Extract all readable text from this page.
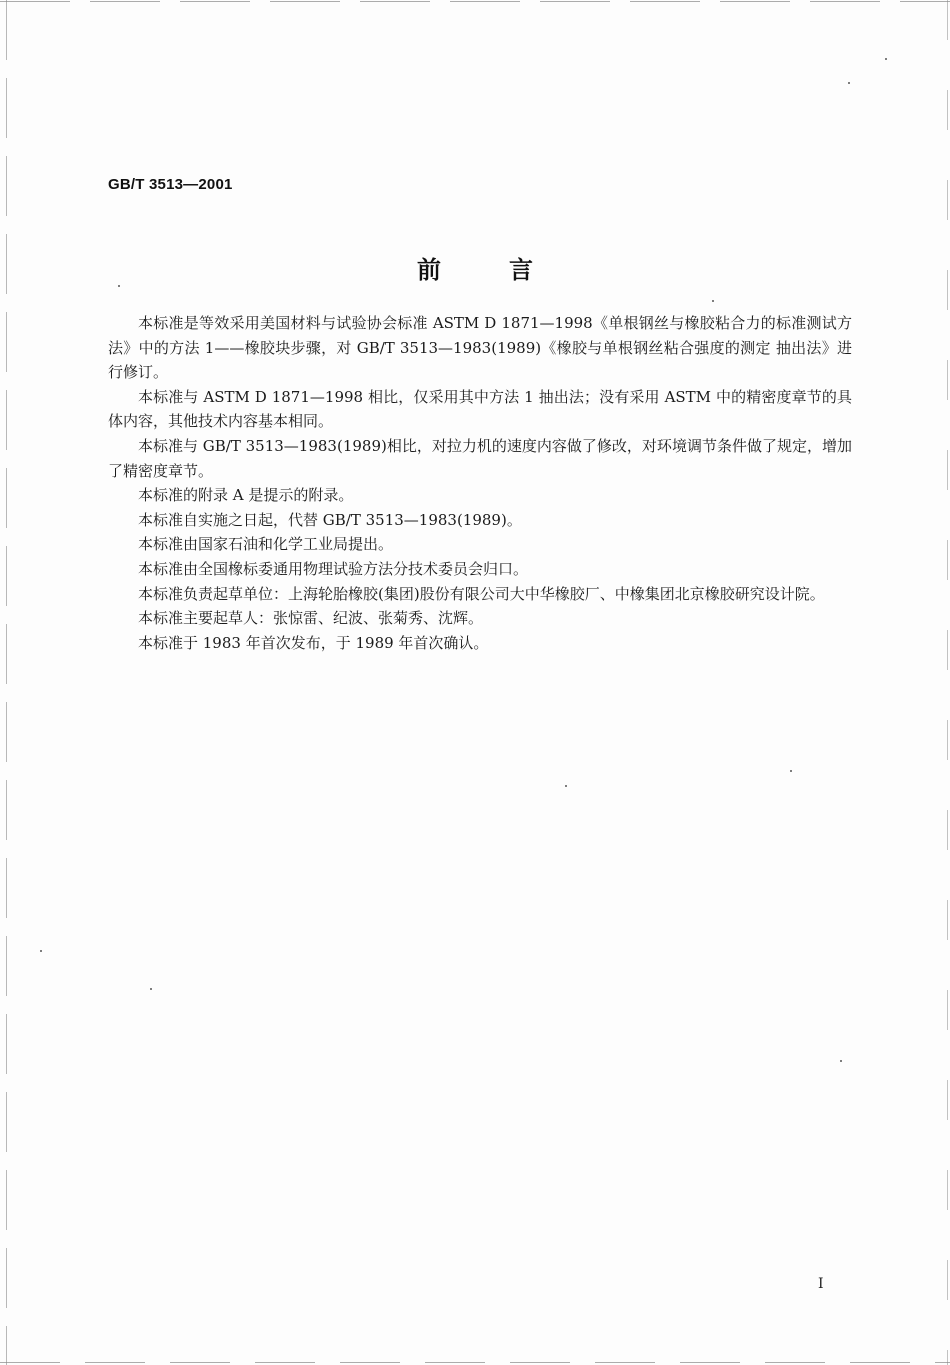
GB/T 3513—2001
前言

本标准是等效采用美国材料与试验协会标准 ASTM D 1871—1998《单根钢丝与橡胶粘合力的标准测试方法》中的方法 1——橡胶块步骤，对 GB/T 3513—1983(1989)《橡胶与单根钢丝粘合强度的测定 抽出法》进行修订。

本标准与 ASTM D 1871—1998 相比，仅采用其中方法 1 抽出法；没有采用 ASTM 中的精密度章节的具体内容，其他技术内容基本相同。

本标准与 GB/T 3513—1983(1989)相比，对拉力机的速度内容做了修改，对环境调节条件做了规定，增加了精密度章节。

本标准的附录 A 是提示的附录。

本标准自实施之日起，代替 GB/T 3513—1983(1989)。

本标准由国家石油和化学工业局提出。

本标准由全国橡标委通用物理试验方法分技术委员会归口。

本标准负责起草单位：上海轮胎橡胶(集团)股份有限公司大中华橡胶厂、中橡集团北京橡胶研究设计院。

本标准主要起草人：张惊雷、纪波、张菊秀、沈辉。

本标准于 1983 年首次发布，于 1989 年首次确认。

I
